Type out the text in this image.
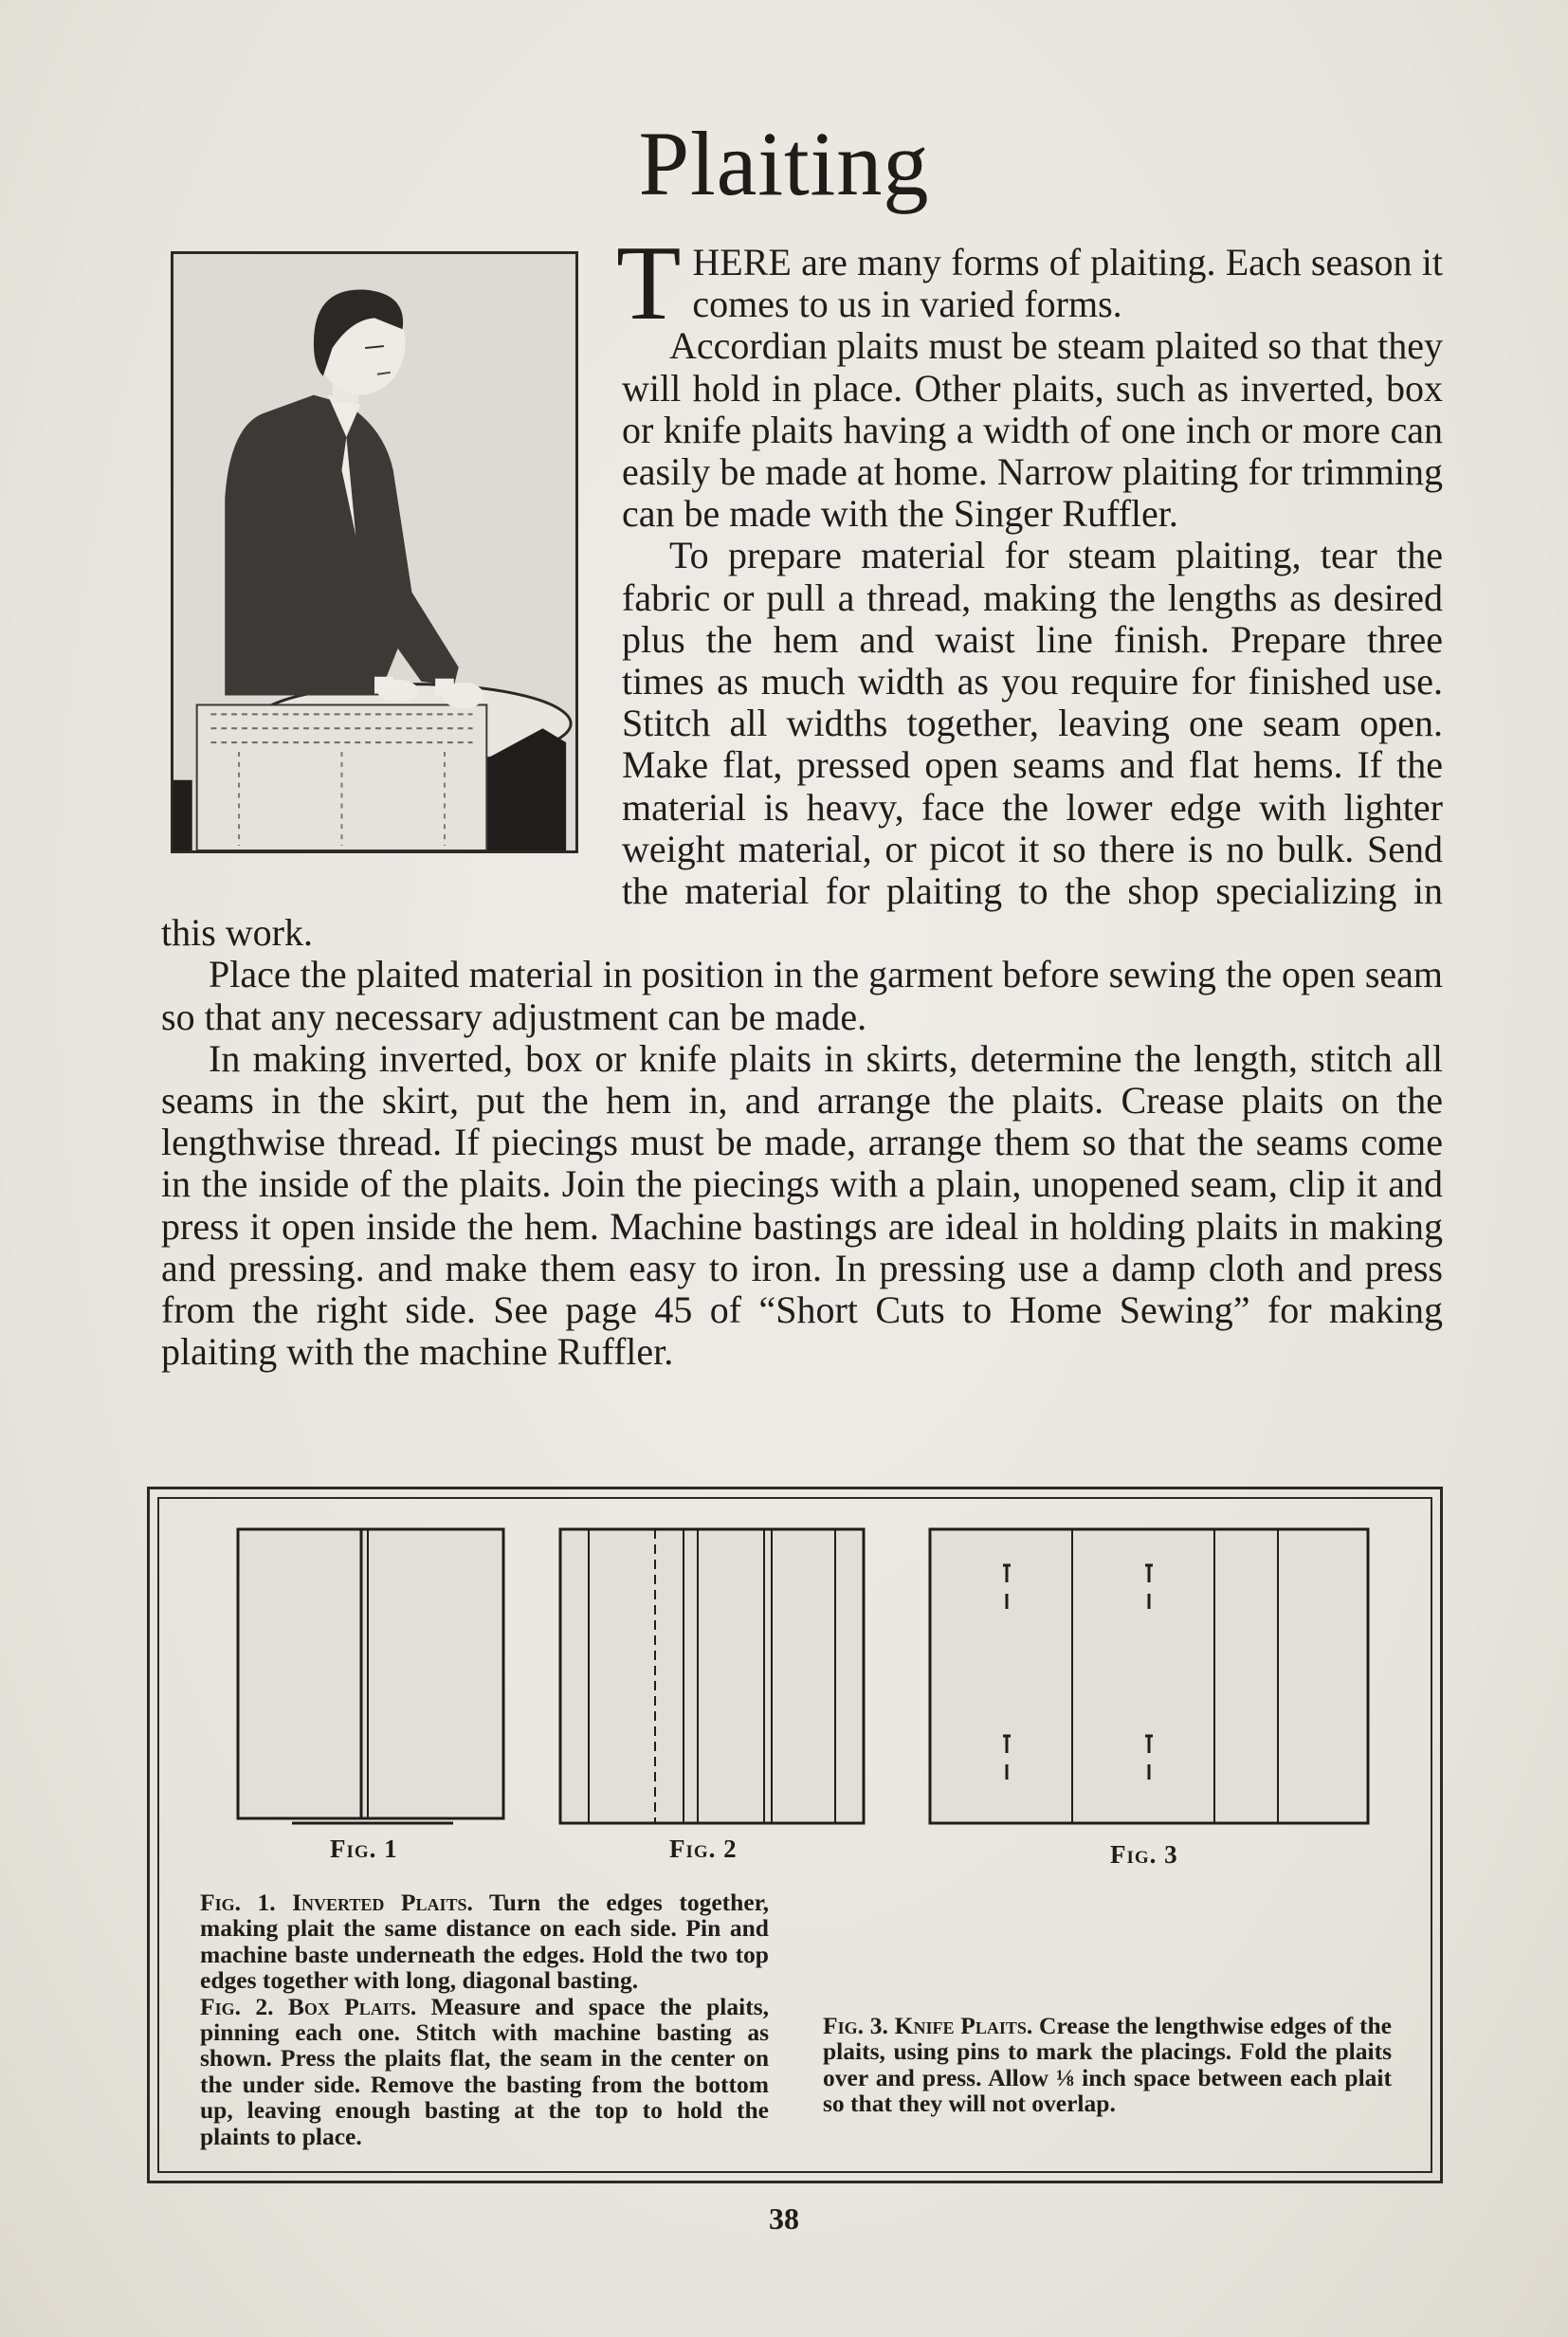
Plaiting

THERE are many forms of plaiting. Each season it comes to us in varied forms.

Accordian plaits must be steam plaited so that they will hold in place. Other plaits, such as inverted, box or knife plaits having a width of one inch or more can easily be made at home. Narrow plaiting for trimming can be made with the Singer Ruffler.

To prepare material for steam plaiting, tear the fabric or pull a thread, making the lengths as desired plus the hem and waist line finish. Prepare three times as much width as you require for finished use. Stitch all widths together, leaving one seam open. Make flat, pressed open seams and flat hems. If the material is heavy, face the lower edge with lighter weight material, or picot it so there is no bulk. Send the material for plaiting to the shop specializing in this work.

Place the plaited material in position in the garment before sewing the open seam so that any necessary adjustment can be made.

In making inverted, box or knife plaits in skirts, determine the length, stitch all seams in the skirt, put the hem in, and arrange the plaits. Crease plaits on the lengthwise thread. If piecings must be made, arrange them so that the seams come in the inside of the plaits. Join the piecings with a plain, unopened seam, clip it and press it open inside the hem. Machine bastings are ideal in holding plaits in making and pressing. and make them easy to iron. In pressing use a damp cloth and press from the right side. See page 45 of “Short Cuts to Home Sewing” for making plaiting with the machine Ruffler.

Fig. 1	Fig. 2	Fig. 3

Fig. 1. Inverted Plaits. Turn the edges together, making plait the same distance on each side. Pin and machine baste underneath the edges. Hold the two top edges together with long, diagonal basting.

Fig. 2. Box Plaits. Measure and space the plaits, pinning each one. Stitch with machine basting as shown. Press the plaits flat, the seam in the center on the under side. Remove the basting from the bottom up, leaving enough basting at the top to hold the plaints to place.

Fig. 3. Knife Plaits. Crease the lengthwise edges of the plaits, using pins to mark the placings. Fold the plaits over and press. Allow ⅛ inch space between each plait so that they will not overlap.

38
